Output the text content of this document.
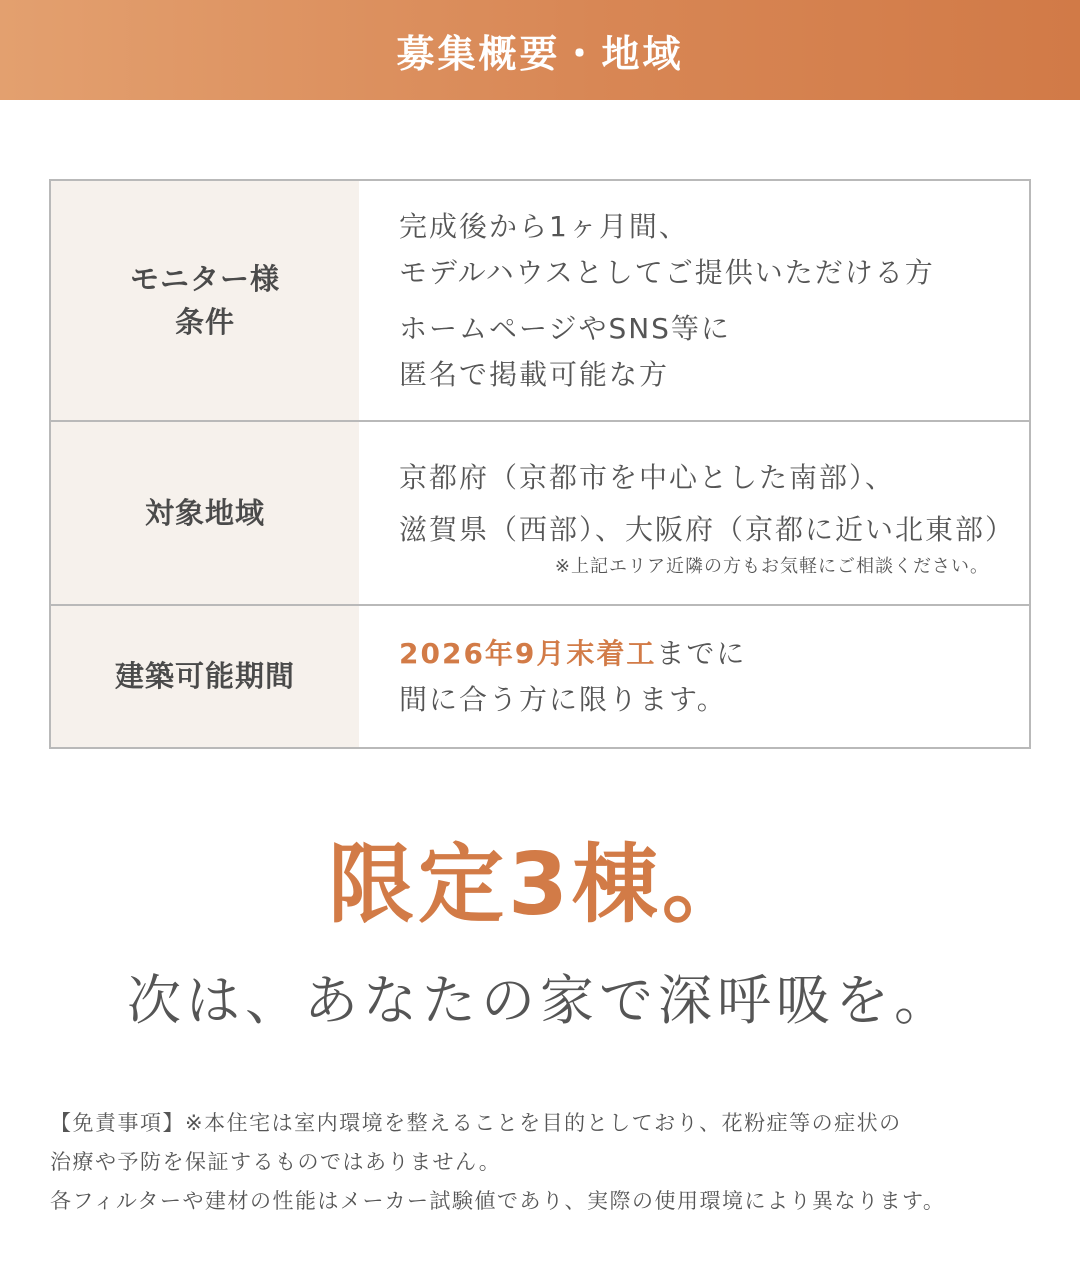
募集概要・地域
モニター様
条件
完成後から1ヶ月間、
モデルハウスとしてご提供いただける方
ホームページやSNS等に
匿名で掲載可能な方
対象地域
京都府（京都市を中心とした南部）、
滋賀県（西部）、大阪府（京都に近い北東部）
※上記エリア近隣の方もお気軽にご相談ください。
建築可能期間
2026年9月末着工までに
間に合う方に限ります。
限定3棟。
次は、あなたの家で深呼吸を。
【免責事項】※本住宅は室内環境を整えることを目的としており、花粉症等の症状の
治療や予防を保証するものではありません。
各フィルターや建材の性能はメーカー試験値であり、実際の使用環境により異なります。
